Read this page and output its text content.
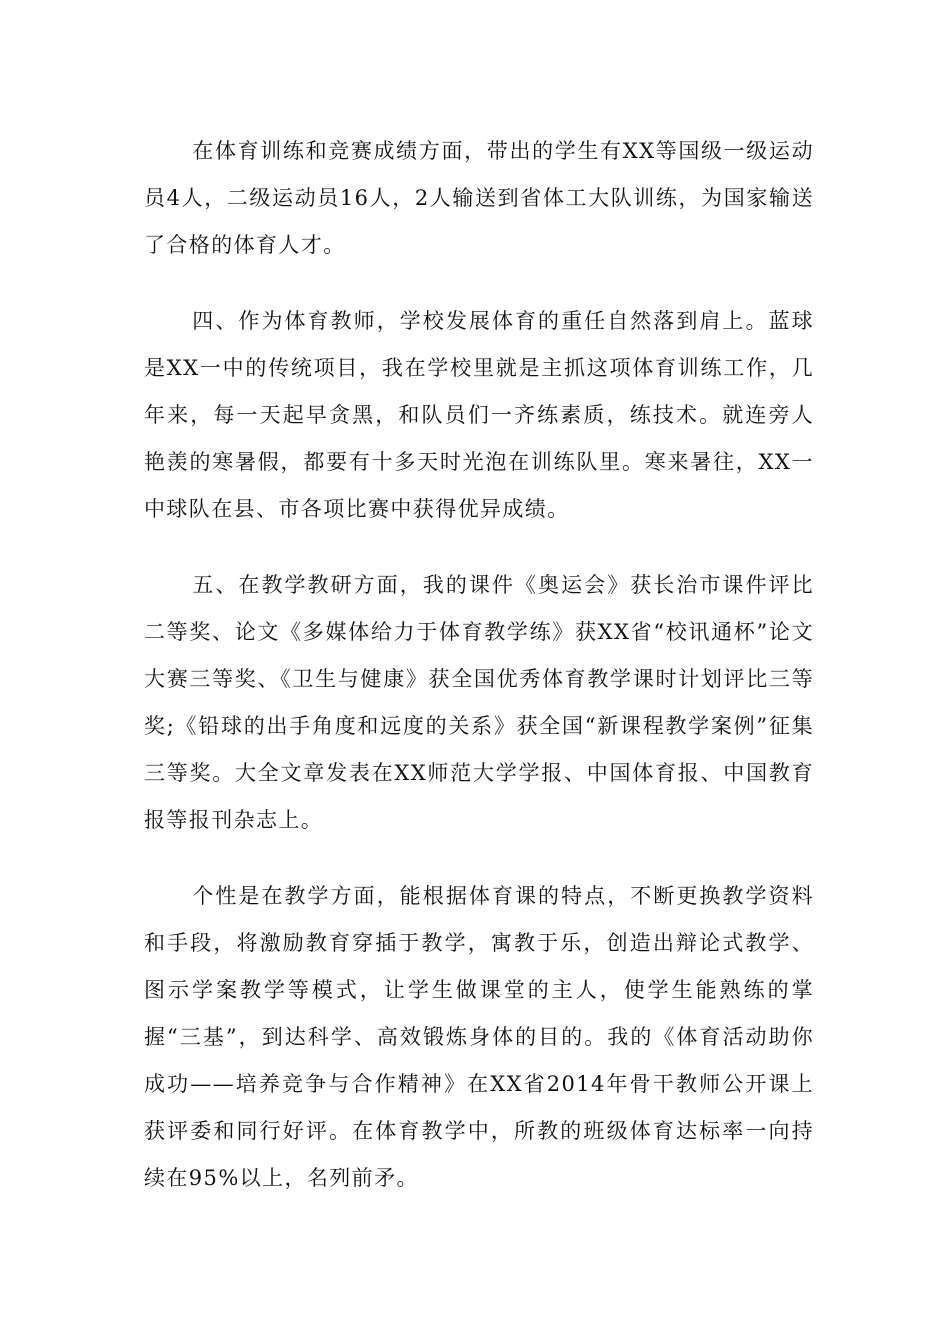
在体育训练和竞赛成绩方面，带出的学生有XX等国级一级运动员4人，二级运动员16人，2人输送到省体工大队训练，为国家输送了合格的体育人才。

四、作为体育教师，学校发展体育的重任自然落到肩上。蓝球是XX一中的传统项目，我在学校里就是主抓这项体育训练工作，几年来，每一天起早贪黑，和队员们一齐练素质，练技术。就连旁人艳羡的寒暑假，都要有十多天时光泡在训练队里。寒来暑往，XX一中球队在县、市各项比赛中获得优异成绩。

五、在教学教研方面，我的课件《奥运会》获长治市课件评比二等奖、论文《多媒体给力于体育教学练》获XX省“校讯通杯”论文大赛三等奖、《卫生与健康》获全国优秀体育教学课时计划评比三等奖;《铅球的出手角度和远度的关系》获全国“新课程教学案例”征集三等奖。大全文章发表在XX师范大学学报、中国体育报、中国教育报等报刊杂志上。

个性是在教学方面，能根据体育课的特点，不断更换教学资料和手段，将激励教育穿插于教学，寓教于乐，创造出辩论式教学、图示学案教学等模式，让学生做课堂的主人，使学生能熟练的掌握“三基”，到达科学、高效锻炼身体的目的。我的《体育活动助你成功——培养竞争与合作精神》在XX省2014年骨干教师公开课上获评委和同行好评。在体育教学中，所教的班级体育达标率一向持续在95%以上，名列前矛。
